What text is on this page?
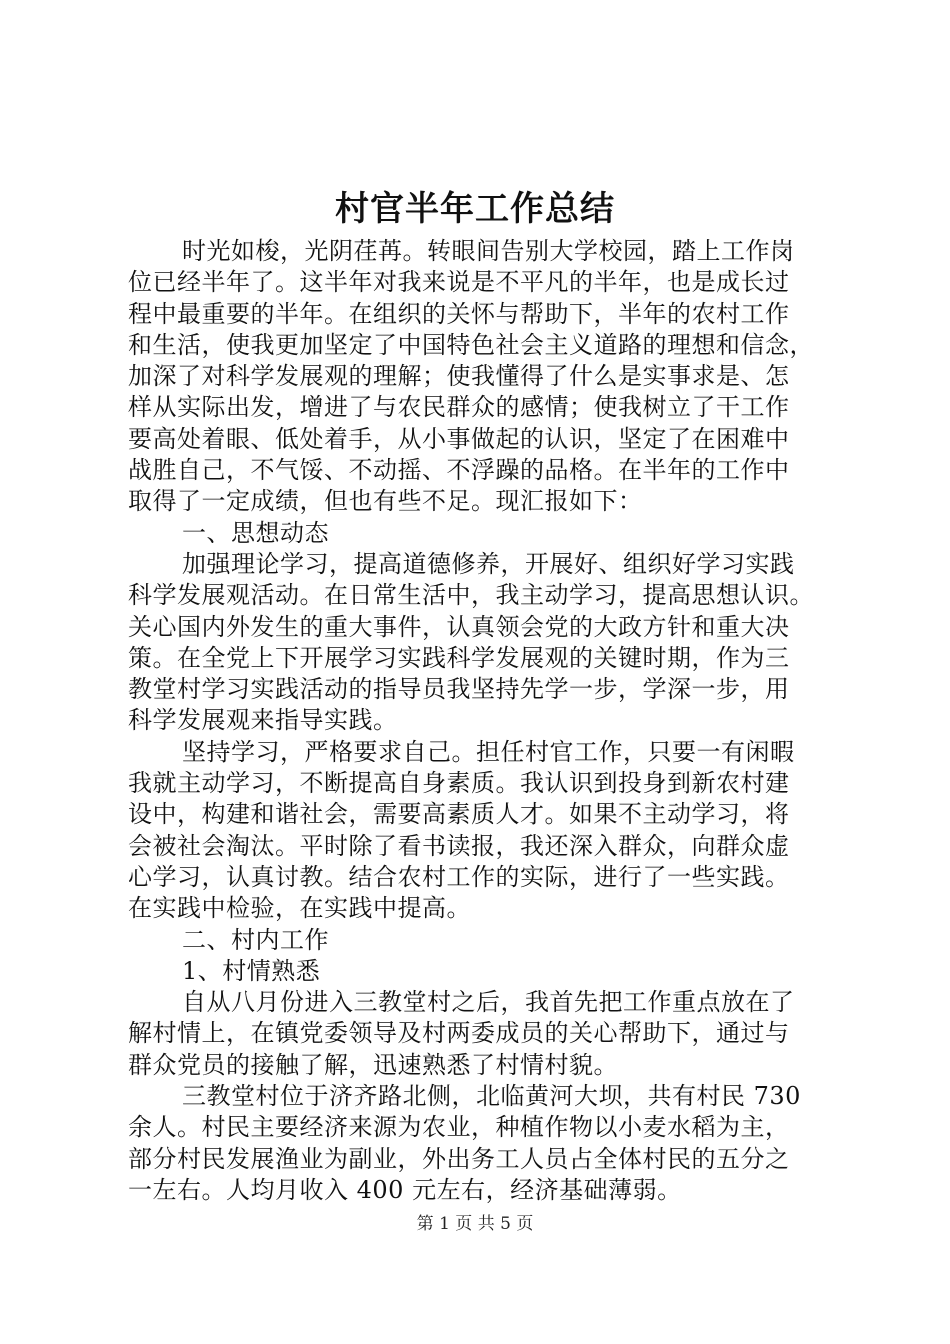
村官半年工作总结
时光如梭，光阴荏苒。转眼间告别大学校园，踏上工作岗
位已经半年了。这半年对我来说是不平凡的半年，也是成长过
程中最重要的半年。在组织的关怀与帮助下，半年的农村工作
和生活，使我更加坚定了中国特色社会主义道路的理想和信念，
加深了对科学发展观的理解；使我懂得了什么是实事求是、怎
样从实际出发，增进了与农民群众的感情；使我树立了干工作
要高处着眼、低处着手，从小事做起的认识，坚定了在困难中
战胜自己，不气馁、不动摇、不浮躁的品格。在半年的工作中
取得了一定成绩，但也有些不足。现汇报如下：
一、思想动态
加强理论学习，提高道德修养，开展好、组织好学习实践
科学发展观活动。在日常生活中，我主动学习，提高思想认识。
关心国内外发生的重大事件，认真领会党的大政方针和重大决
策。在全党上下开展学习实践科学发展观的关键时期，作为三
教堂村学习实践活动的指导员我坚持先学一步，学深一步，用
科学发展观来指导实践。
坚持学习，严格要求自己。担任村官工作，只要一有闲暇
我就主动学习，不断提高自身素质。我认识到投身到新农村建
设中，构建和谐社会，需要高素质人才。如果不主动学习，将
会被社会淘汰。平时除了看书读报，我还深入群众，向群众虚
心学习，认真讨教。结合农村工作的实际，进行了一些实践。
在实践中检验，在实践中提高。
二、村内工作
1、村情熟悉
自从八月份进入三教堂村之后，我首先把工作重点放在了
解村情上，在镇党委领导及村两委成员的关心帮助下，通过与
群众党员的接触了解，迅速熟悉了村情村貌。
三教堂村位于济齐路北侧，北临黄河大坝，共有村民 730
余人。村民主要经济来源为农业，种植作物以小麦水稻为主，
部分村民发展渔业为副业，外出务工人员占全体村民的五分之
一左右。人均月收入 400 元左右，经济基础薄弱。
第 1 页 共 5 页
